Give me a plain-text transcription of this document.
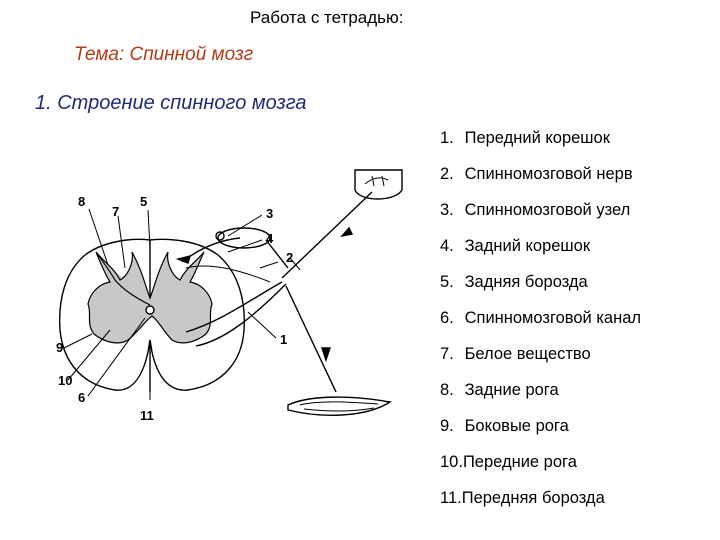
Работа с тетрадью:
Тема: Спинной мозг
1. Строение спинного мозга
1. Передний корешок
2. Спинномозговой нерв
3. Спинномозговой узел
4. Задний корешок
5. Задняя борозда
6. Спинномозговой канал
7. Белое вещество
8. Задние рога
9. Боковые рога
10.Передние рога
11.Передняя борозда
8
7
5
3
4
2
1
9
10
6
11
